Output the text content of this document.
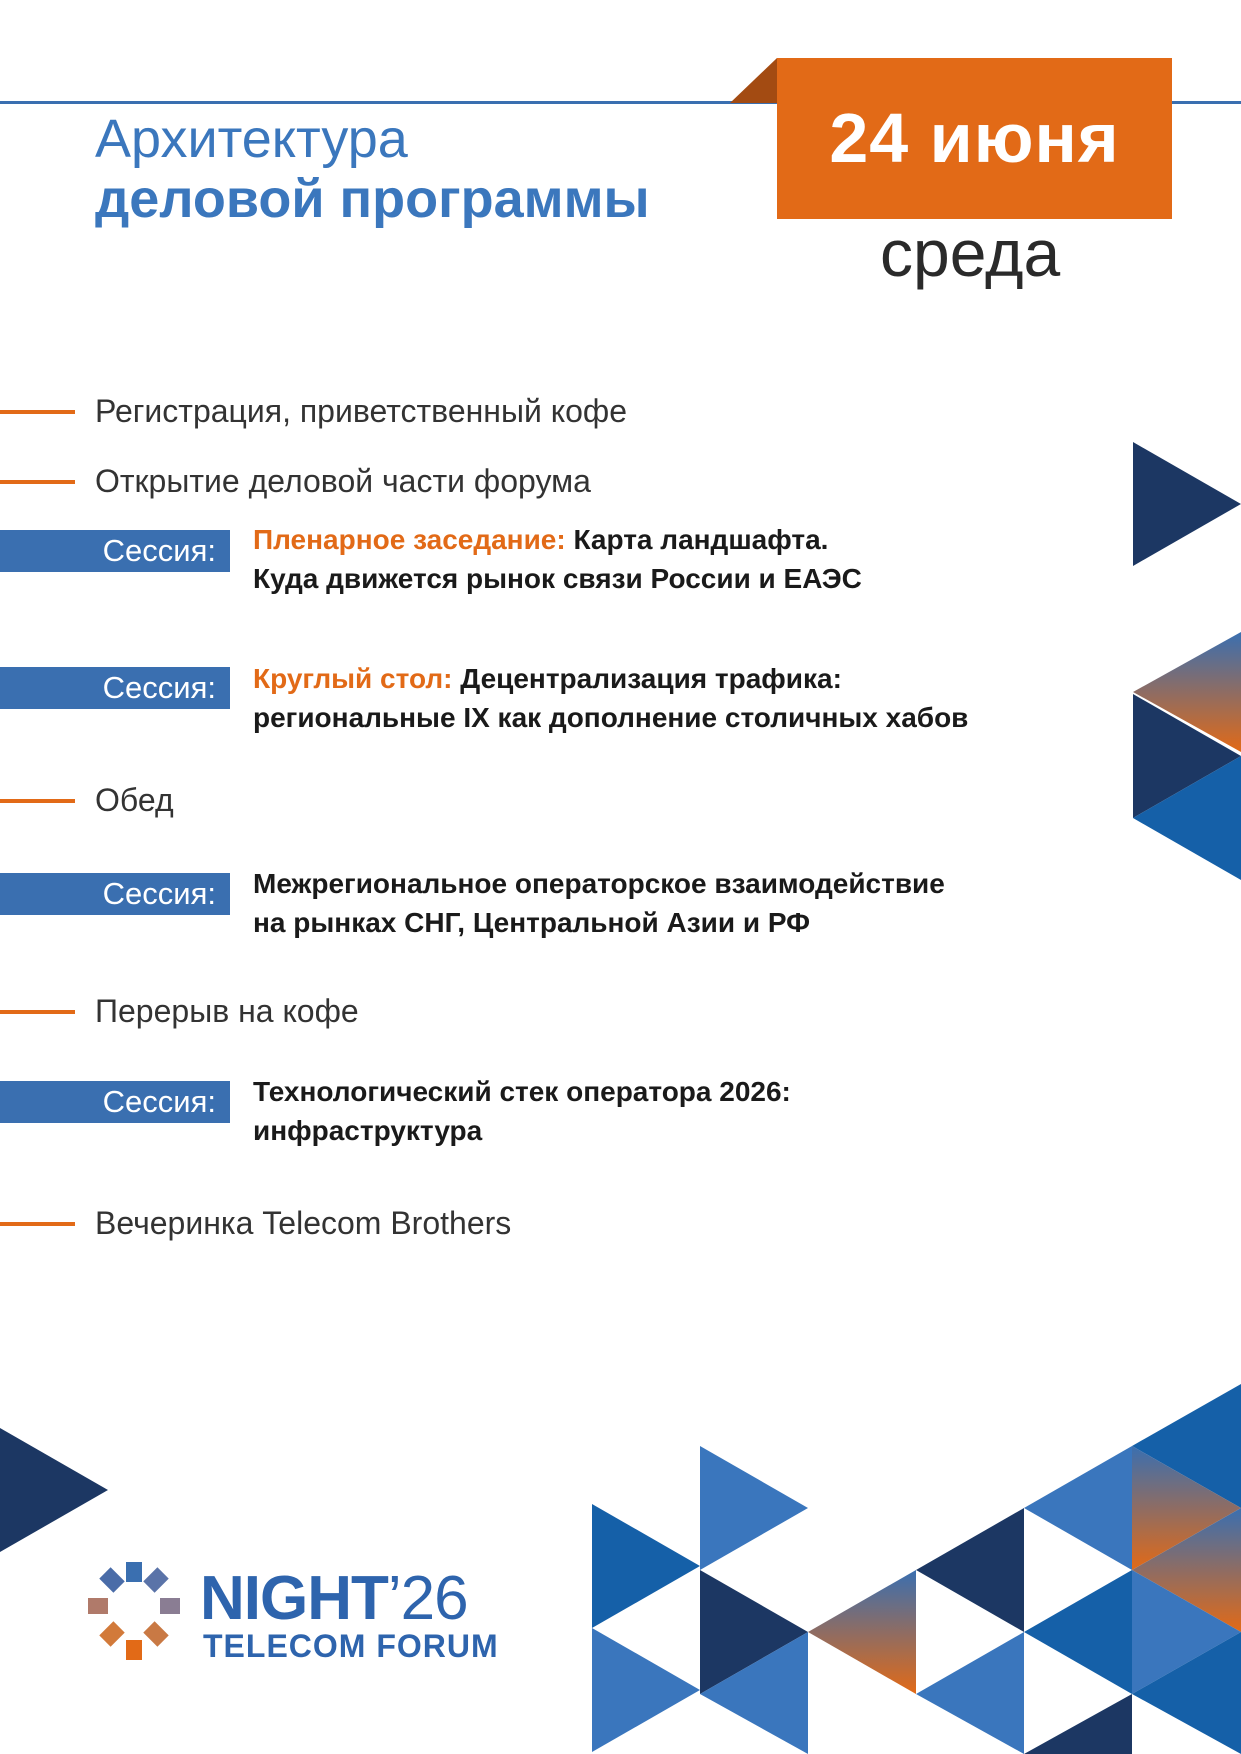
24 июня
среда
Архитектура
деловой программы
Регистрация, приветственный кофе
Открытие деловой части форума
Сессия: Пленарное заседание: Карта ландшафта.
Куда движется рынок связи России и ЕАЭС
Сессия: Круглый стол: Децентрализация трафика:
региональные IX как дополнение столичных хабов
Обед
Сессия: Межрегиональное операторское взаимодействие
на рынках СНГ, Центральной Азии и РФ
Перерыв на кофе
Сессия: Технологический стек оператора 2026:
инфраструктура
Вечеринка Telecom Brothers
NIGHT’26
TELECOM FORUM
